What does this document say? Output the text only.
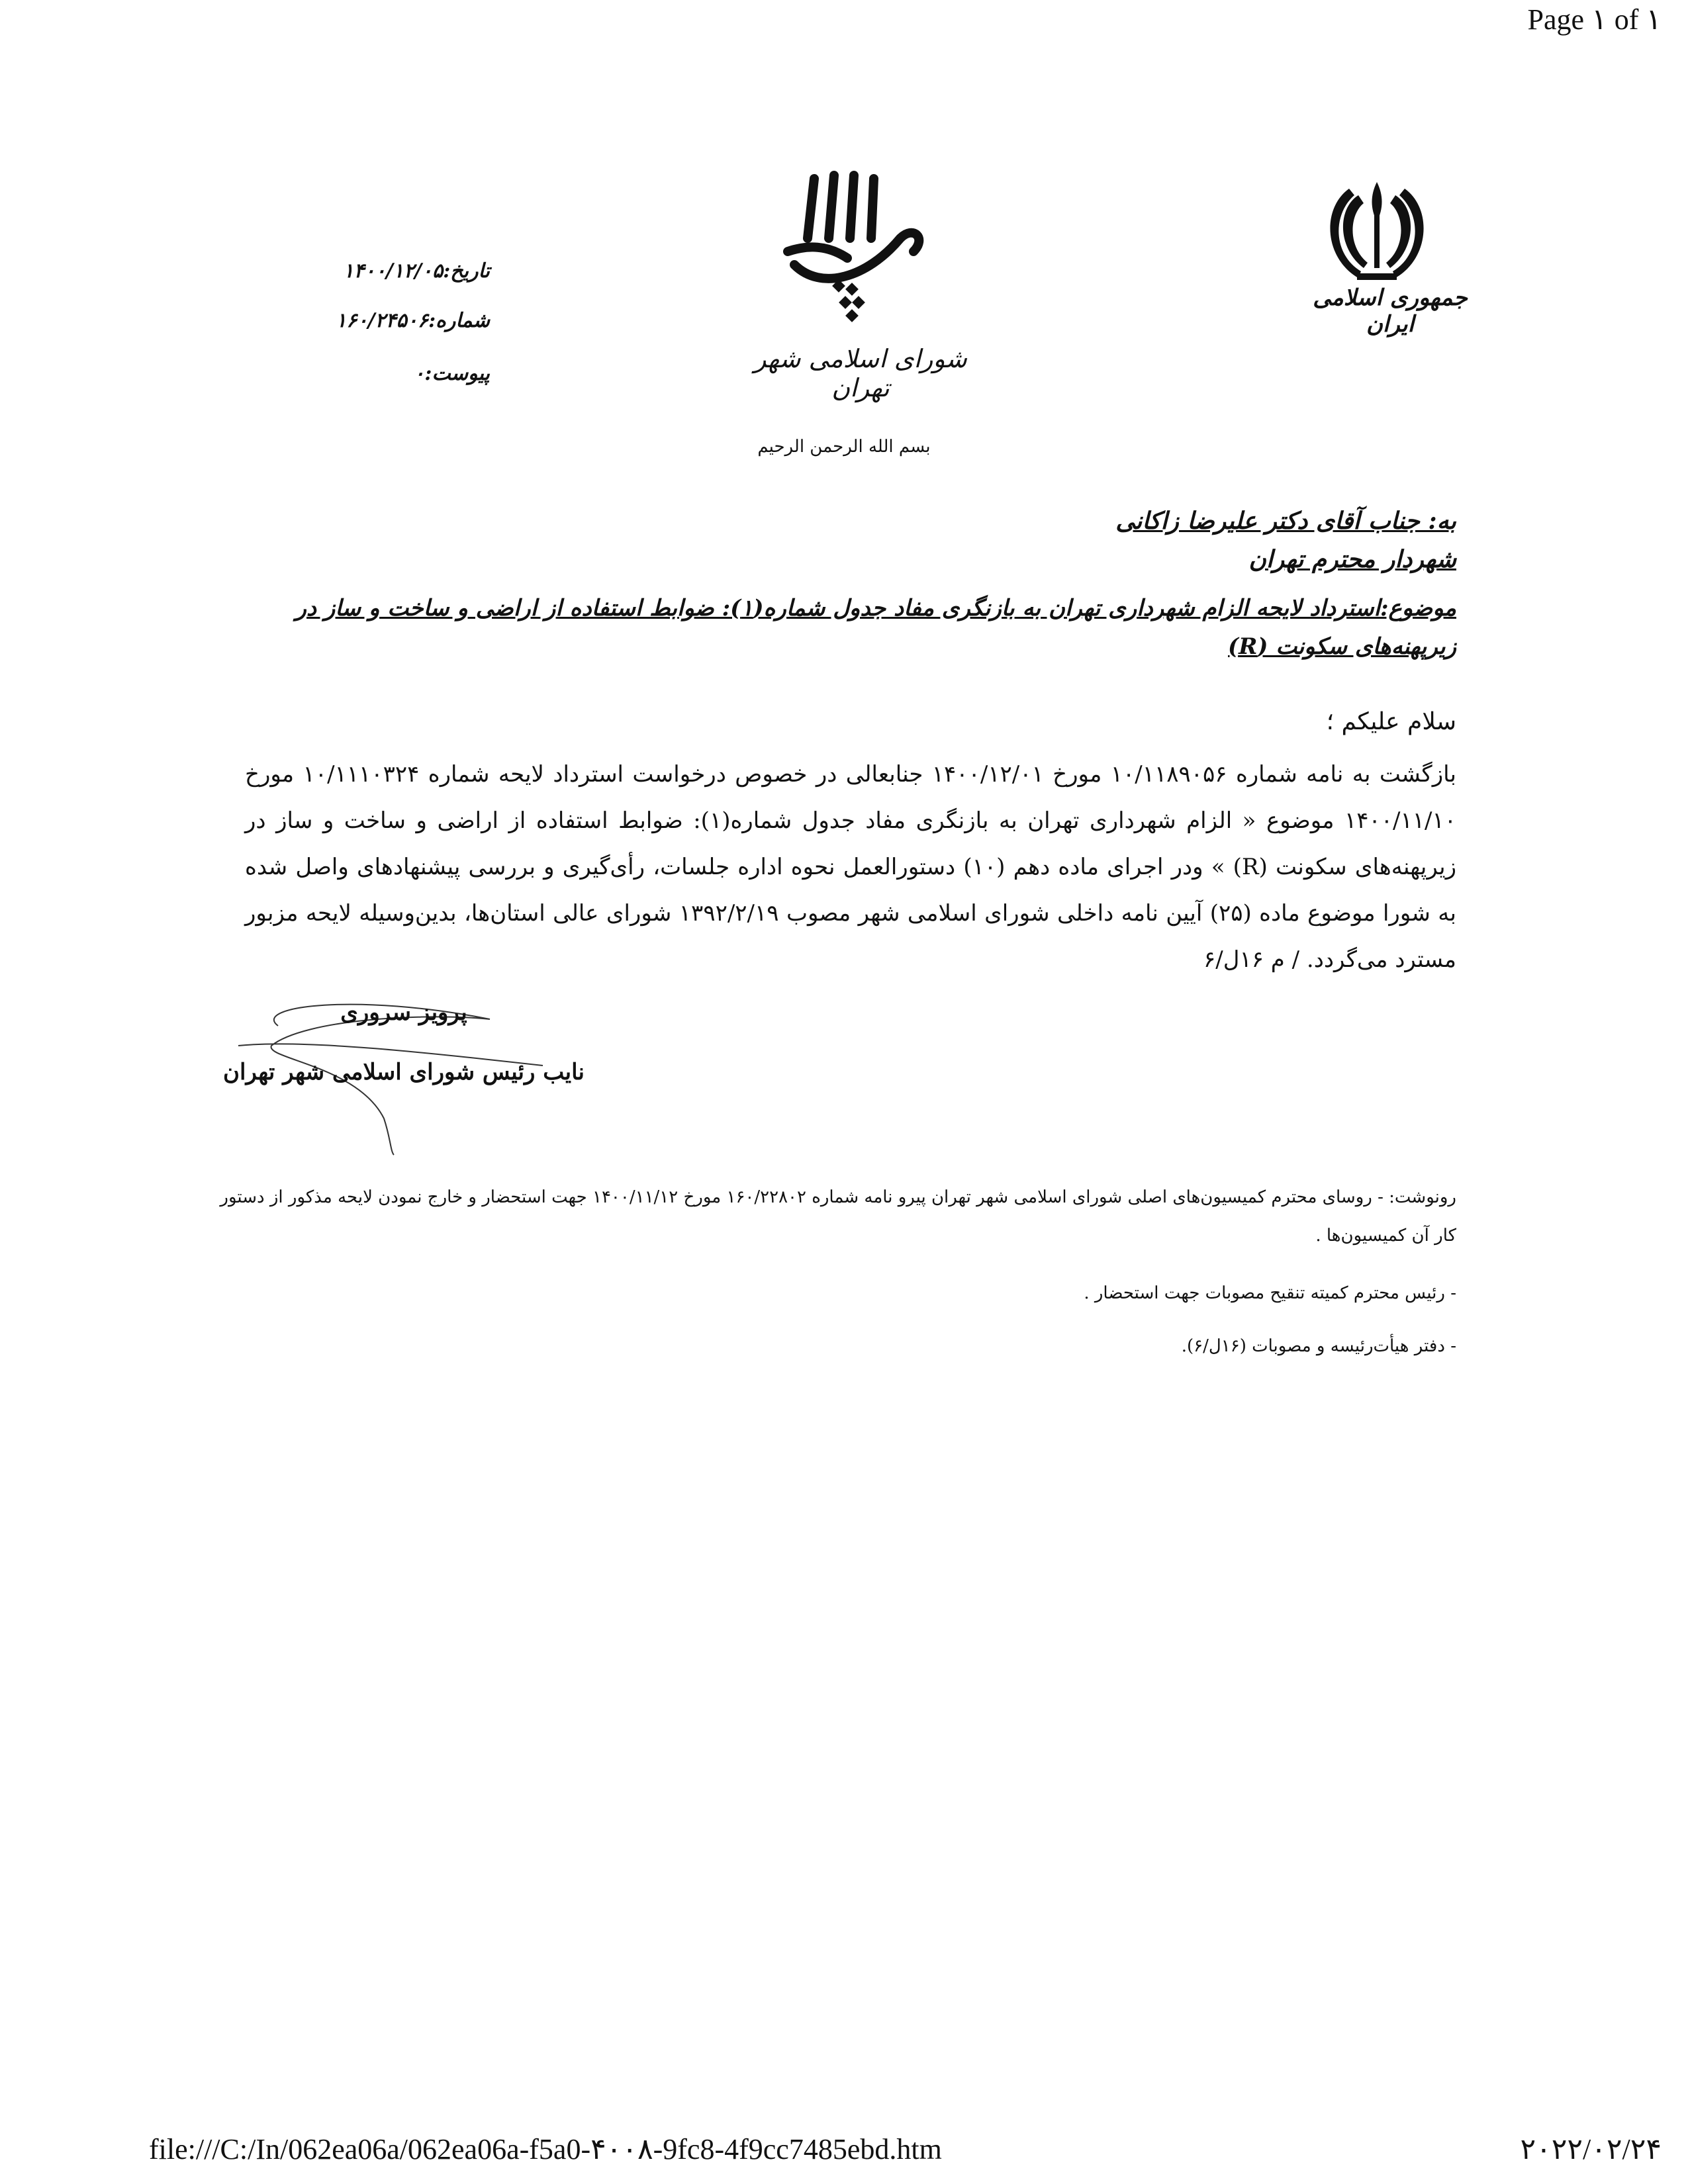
Page ۱ of ۱
جمهوری اسلامی ایران
شورای اسلامی شهر تهران
تاریخ:۱۴۰۰/۱۲/۰۵
شماره:۱۶۰/۲۴۵۰۶
پیوست:۰
بسم الله الرحمن الرحیم
به: جناب آقای دکتر علیرضا زاکانی
شهردار محترم تهران
موضوع:استرداد لایحه الزام شهرداری تهران به بازنگری مفاد جدول شماره(۱): ضوابط استفاده از اراضی و ساخت و ساز در زیرپهنه‌های سکونت (R)
سلام علیکم ؛
بازگشت به نامه شماره ۱۰/۱۱۸۹۰۵۶ مورخ ۱۴۰۰/۱۲/۰۱ جنابعالی در خصوص درخواست استرداد لایحه شماره ۱۰/۱۱۱۰۳۲۴ مورخ ۱۴۰۰/۱۱/۱۰ موضوع « الزام شهرداری تهران به بازنگری مفاد جدول شماره(۱): ضوابط استفاده از اراضی و ساخت و ساز در زیرپهنه‌های سکونت (R) » ودر اجرای ماده دهم (۱۰) دستورالعمل نحوه اداره جلسات، رأی‌گیری و بررسی پیشنهادهای واصل شده به شورا موضوع ماده (۲۵) آیین نامه داخلی شورای اسلامی شهر مصوب ۱۳۹۲/۲/۱۹ شورای عالی استان‌ها، بدین‌وسیله لایحه مزبور مسترد می‌گردد. / م ۱۶ل/۶
پرویز سروری
نایب رئیس شورای اسلامی شهر تهران
رونوشت: - روسای محترم کمیسیون‌های اصلی شورای اسلامی شهر تهران پیرو نامه شماره ۱۶۰/۲۲۸۰۲ مورخ ۱۴۰۰/۱۱/۱۲ جهت استحضار و خارج نمودن لایحه مذکور از دستور کار آن کمیسیون‌ها .
- رئیس محترم کمیته تنقیح مصوبات جهت استحضار .
- دفتر هیأت‌رئیسه و مصوبات (۱۶ل/۶).
file:///C:/In/062ea06a/062ea06a-f5a0-۴۰۰۸-9fc8-4f9cc7485ebd.htm	۲۰۲۲/۰۲/۲۴
